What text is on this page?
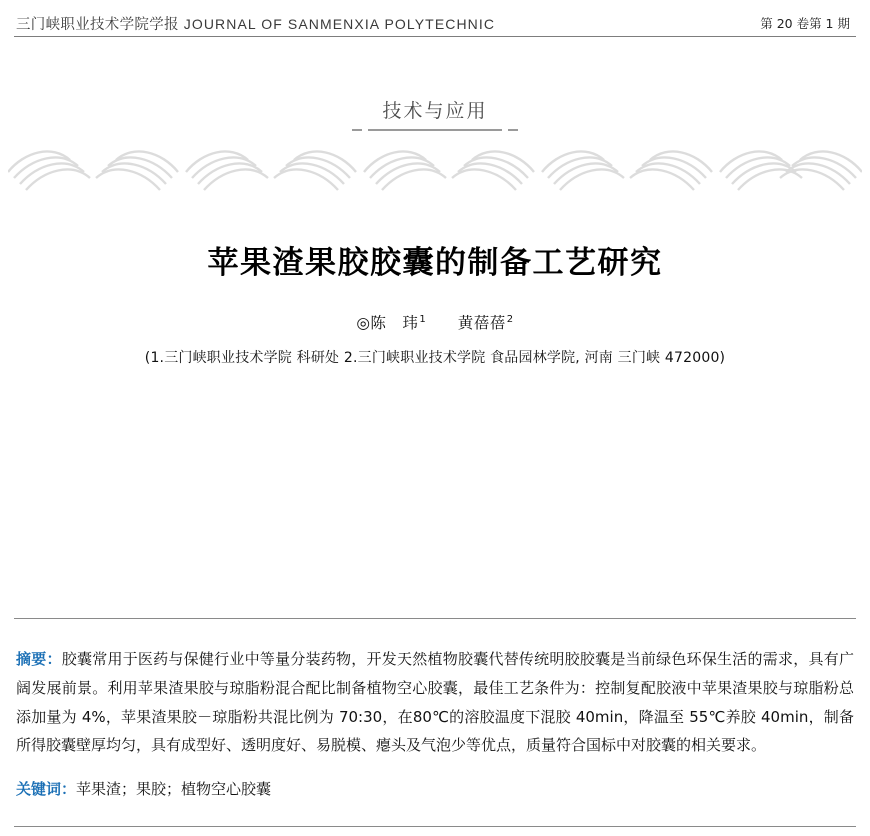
三门峡职业技术学院学报 JOURNAL OF SANMENXIA POLYTECHNIC	第 20 卷第 1 期
技术与应用
苹果渣果胶胶囊的制备工艺研究
◎陈　玮$^1$ 黄蓓蓓$^2$
(1.三门峡职业技术学院 科研处 2.三门峡职业技术学院 食品园林学院, 河南 三门峡 472000)

摘要：胶囊常用于医药与保健行业中等量分装药物，开发天然植物胶囊代替传统明胶胶囊是当前绿色环保生活的需求，具有广阔发展前景。利用苹果渣果胶与琼脂粉混合配比制备植物空心胶囊，最佳工艺条件为：控制复配胶液中苹果渣果胶与琼脂粉总添加量为 4%，苹果渣果胶－琼脂粉共混比例为 70:30，在80℃的溶胶温度下混胶 40min，降温至 55℃养胶 40min，制备所得胶囊壁厚均匀，具有成型好、透明度好、易脱模、瘪头及气泡少等优点，质量符合国标中对胶囊的相关要求。

关键词：苹果渣；果胶；植物空心胶囊
